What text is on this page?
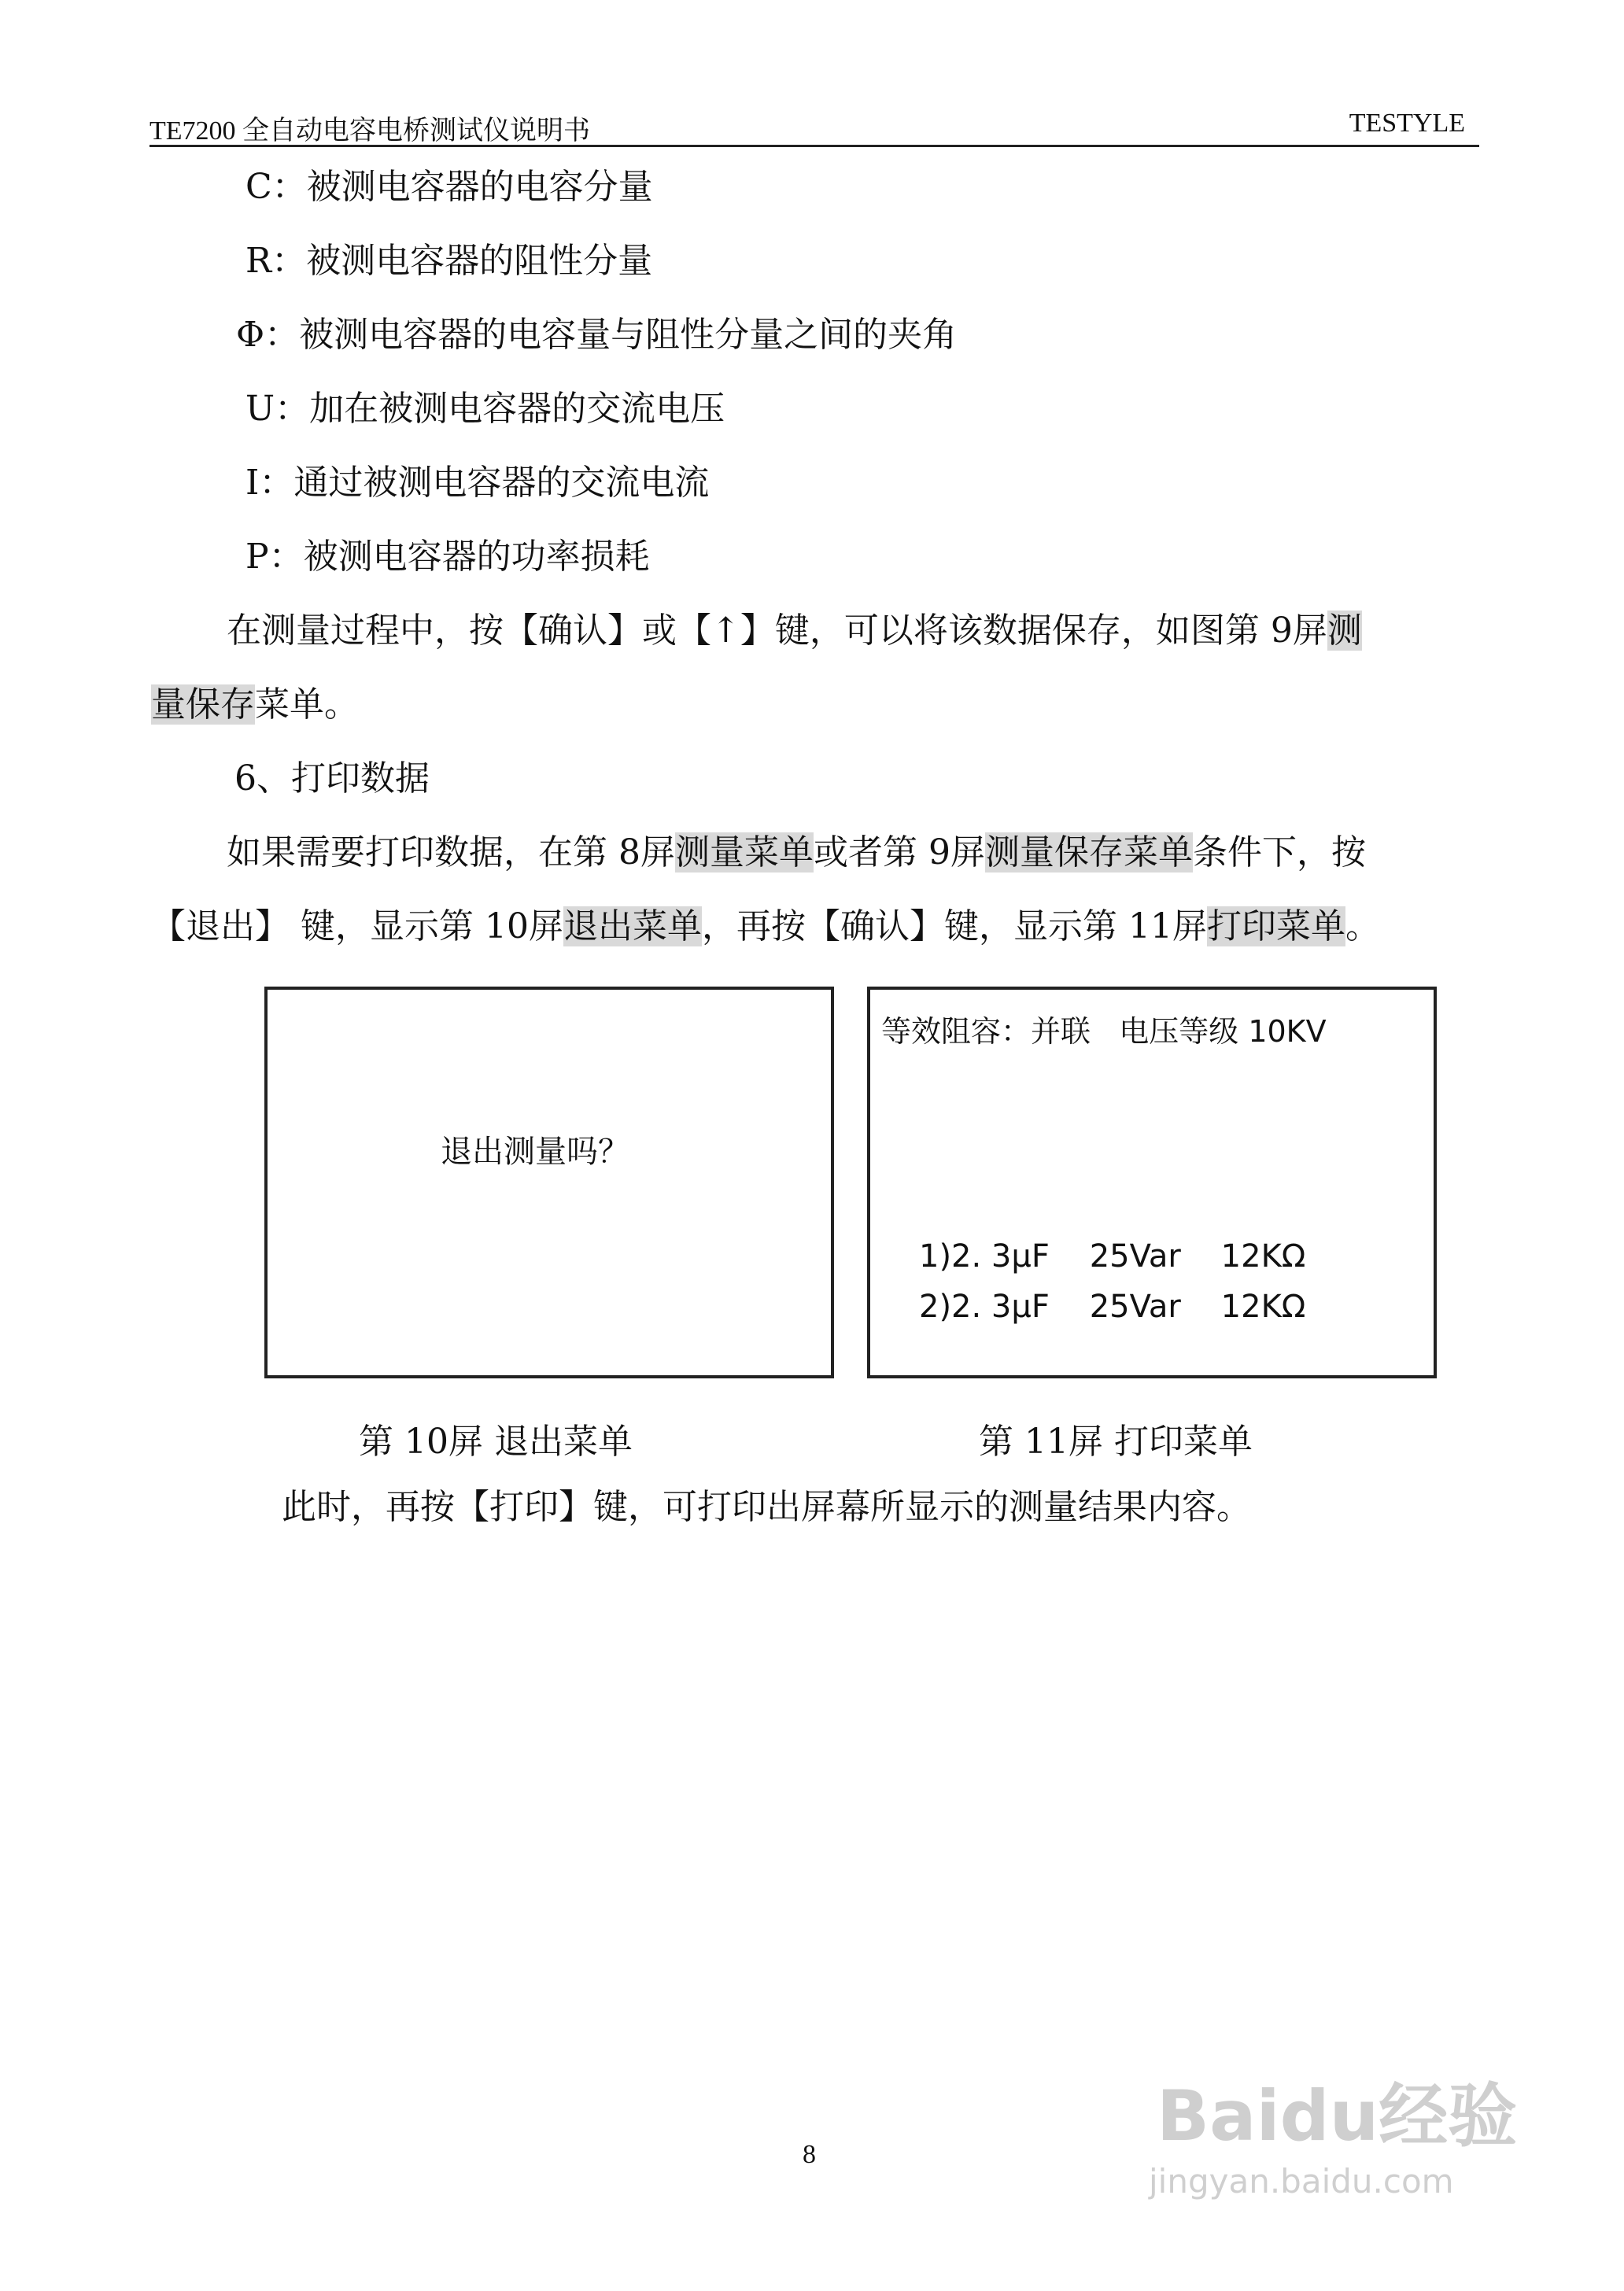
TE7200 全自动电容电桥测试仪说明书	TESTYLE
C：被测电容器的电容分量
R：被测电容器的阻性分量
Φ：被测电容器的电容量与阻性分量之间的夹角
U：加在被测电容器的交流电压
I：通过被测电容器的交流电流
P：被测电容器的功率损耗
在测量过程中，按【确认】或【↑】键，可以将该数据保存，如图第 9屏测
量保存菜单。
6、打印数据
如果需要打印数据，在第 8屏测量菜单或者第 9屏测量保存菜单条件下，按
【退出】 键，显示第 10屏退出菜单，再按【确认】键，显示第 11屏打印菜单。
退出测量吗？
等效阻容：并联   电压等级 10KV
1)2. 3μF    25Var    12KΩ
2)2. 3μF    25Var    12KΩ
第 10屏 退出菜单	第 11屏 打印菜单
此时，再按【打印】键，可打印出屏幕所显示的测量结果内容。
8	Baidu经验
jingyan.baidu.com
